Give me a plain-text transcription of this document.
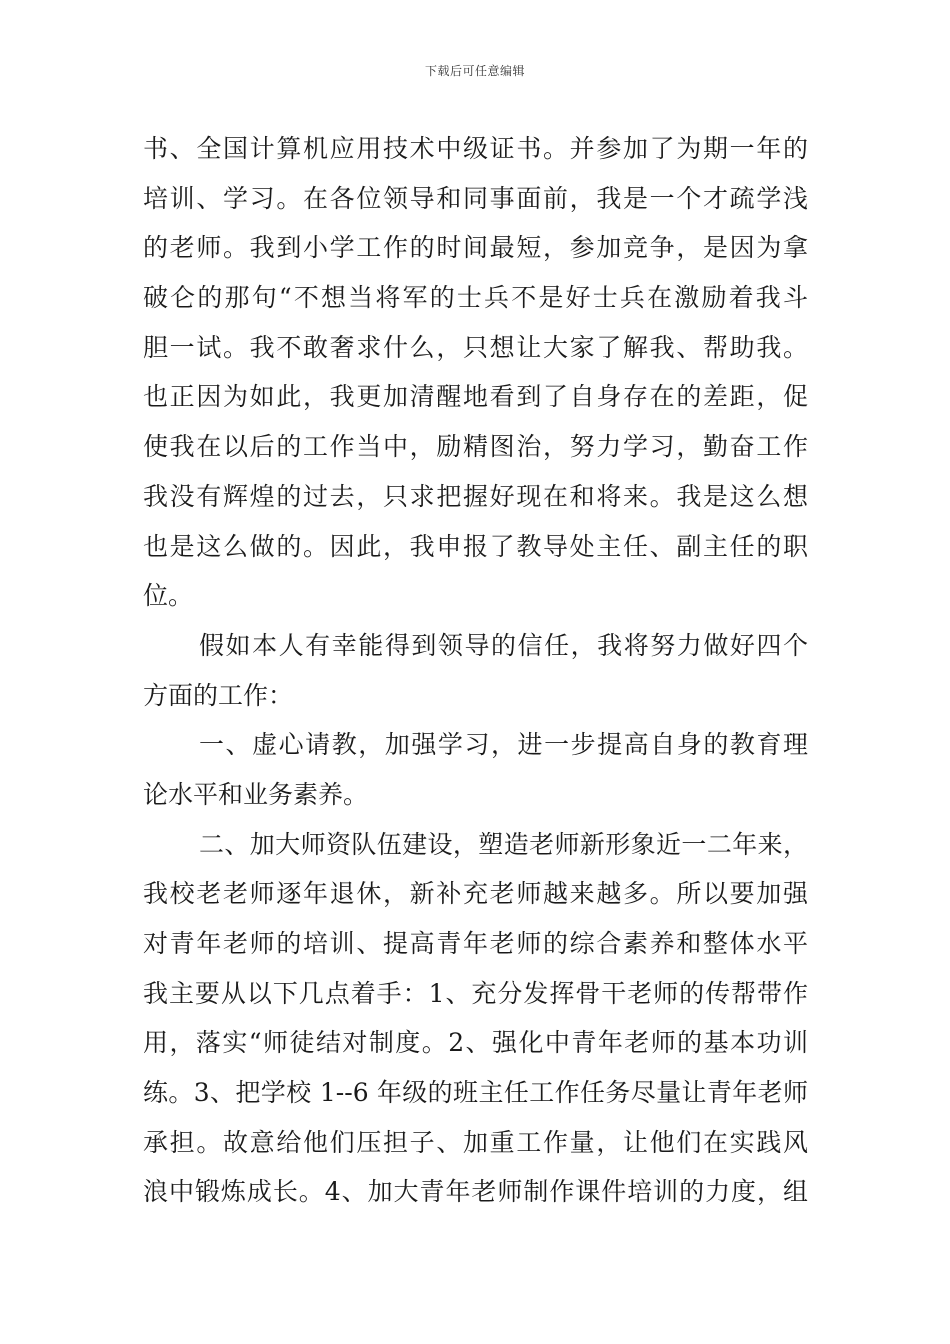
下载后可任意编辑
书、全国计算机应用技术中级证书。并参加了为期一年的
培训、学习。在各位领导和同事面前，我是一个才疏学浅
的老师。我到小学工作的时间最短，参加竞争，是因为拿
破仑的那句“不想当将军的士兵不是好士兵在激励着我斗
胆一试。我不敢奢求什么，只想让大家了解我、帮助我。
也正因为如此，我更加清醒地看到了自身存在的差距，促
使我在以后的工作当中，励精图治，努力学习，勤奋工作
我没有辉煌的过去，只求把握好现在和将来。我是这么想
也是这么做的。因此，我申报了教导处主任、副主任的职
位。
假如本人有幸能得到领导的信任，我将努力做好四个
方面的工作：
一、虚心请教，加强学习，进一步提高自身的教育理
论水平和业务素养。
二、加大师资队伍建设，塑造老师新形象近一二年来，
我校老老师逐年退休，新补充老师越来越多。所以要加强
对青年老师的培训、提高青年老师的综合素养和整体水平
我主要从以下几点着手：1、充分发挥骨干老师的传帮带作
用，落实“师徒结对制度。2、强化中青年老师的基本功训
练。3、把学校 1--6 年级的班主任工作任务尽量让青年老师
承担。故意给他们压担子、加重工作量，让他们在实践风
浪中锻炼成长。4、加大青年老师制作课件培训的力度，组
